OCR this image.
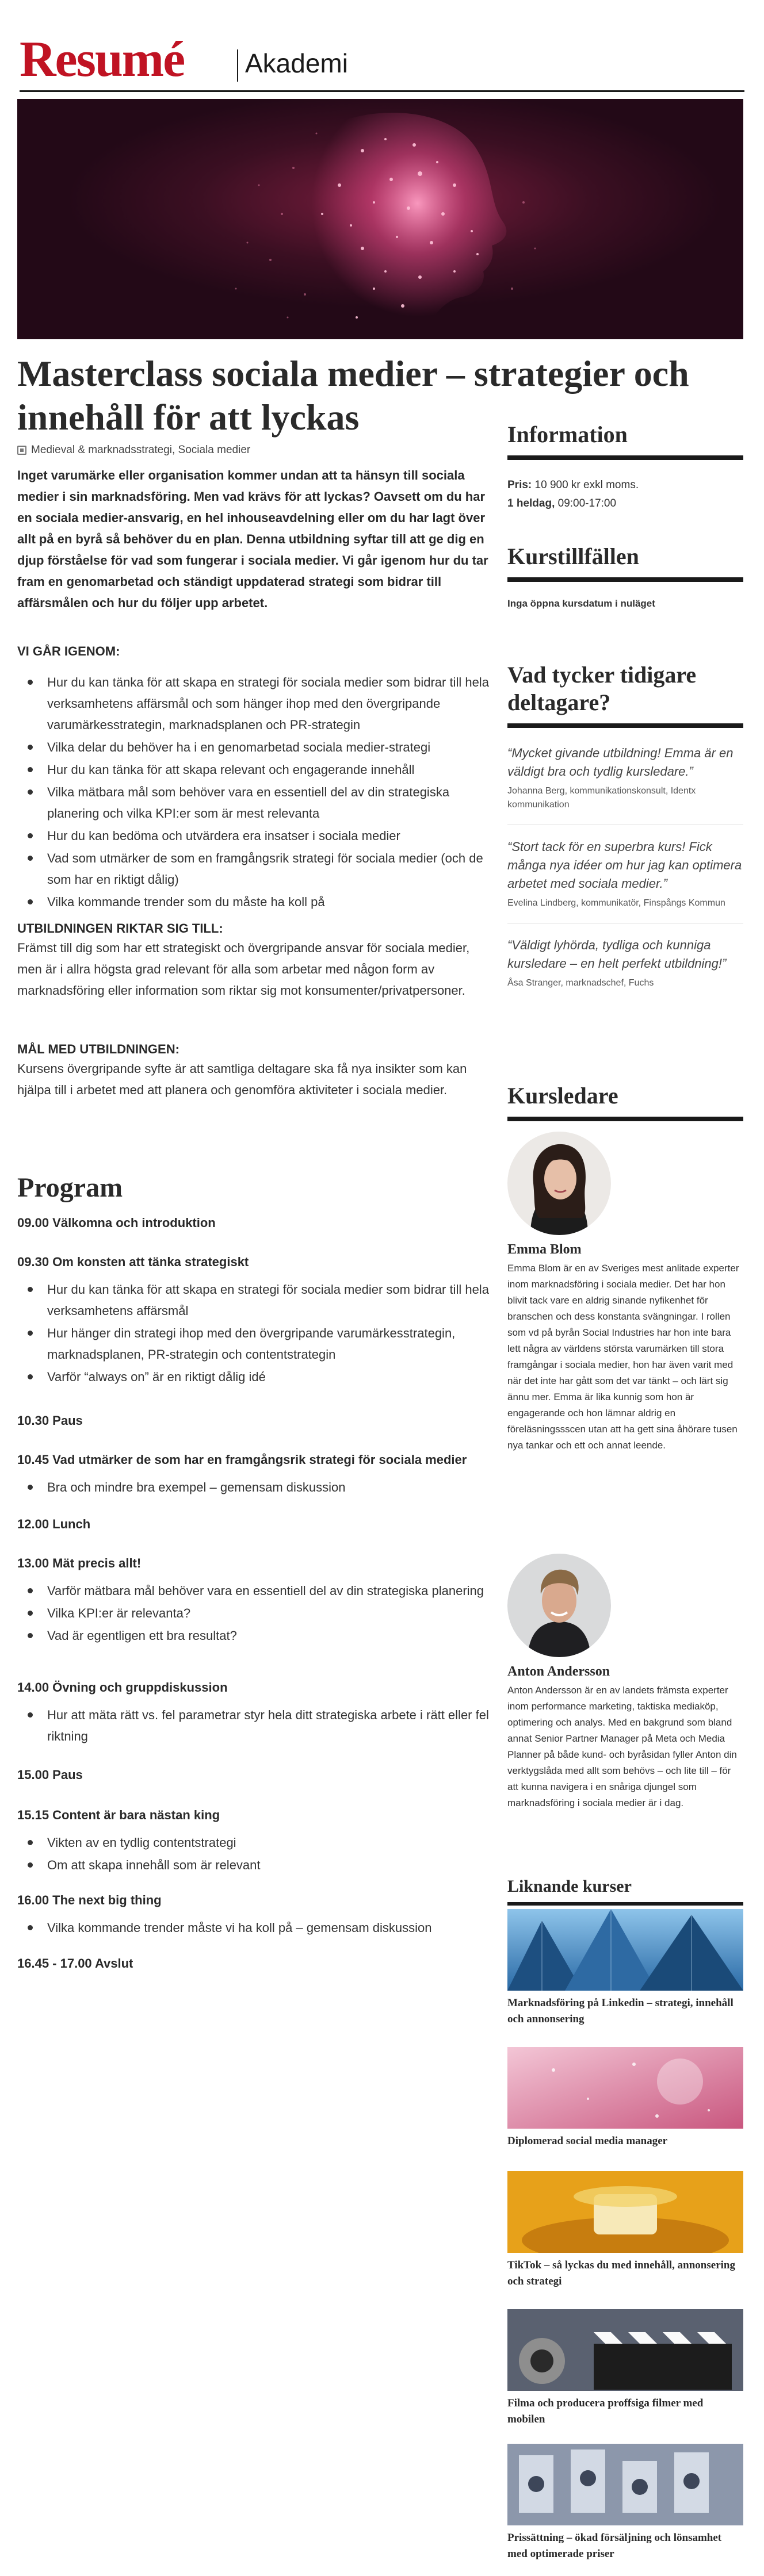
Resumé Akademi
Masterclass sociala medier – strategier och innehåll för att lyckas
Medieval & marknadsstrategi, Sociala medier
Inget varumärke eller organisation kommer undan att ta hänsyn till sociala medier i sin marknadsföring. Men vad krävs för att lyckas? Oavsett om du har en sociala medier-ansvarig, en hel inhouseavdelning eller om du har lagt över allt på en byrå så behöver du en plan. Denna utbildning syftar till att ge dig en djup förståelse för vad som fungerar i sociala medier. Vi går igenom hur du tar fram en genomarbetad och ständigt uppdaterad strategi som bidrar till affärsmålen och hur du följer upp arbetet.
VI GÅR IGENOM:
Hur du kan tänka för att skapa en strategi för sociala medier som bidrar till hela verksamhetens affärsmål och som hänger ihop med den övergripande varumärkesstrategin, marknadsplanen och PR-strategin
Vilka delar du behöver ha i en genomarbetad sociala medier-strategi
Hur du kan tänka för att skapa relevant och engagerande innehåll
Vilka mätbara mål som behöver vara en essentiell del av din strategiska planering och vilka KPI:er som är mest relevanta
Hur du kan bedöma och utvärdera era insatser i sociala medier
Vad som utmärker de som en framgångsrik strategi för sociala medier (och de som har en riktigt dålig)
Vilka kommande trender som du måste ha koll på
UTBILDNINGEN RIKTAR SIG TILL:
Främst till dig som har ett strategiskt och övergripande ansvar för sociala medier, men är i allra högsta grad relevant för alla som arbetar med någon form av marknadsföring eller information som riktar sig mot konsumenter/privatpersoner.
MÅL MED UTBILDNINGEN:
Kursens övergripande syfte är att samtliga deltagare ska få nya insikter som kan hjälpa till i arbetet med att planera och genomföra aktiviteter i sociala medier.
Program
09.00 Välkomna och introduktion
09.30 Om konsten att tänka strategiskt
Hur du kan tänka för att skapa en strategi för sociala medier som bidrar till hela verksamhetens affärsmål
Hur hänger din strategi ihop med den övergripande varumärkesstrategin, marknadsplanen, PR-strategin och contentstrategin
Varför “always on” är en riktigt dålig idé
10.30 Paus
10.45 Vad utmärker de som har en framgångsrik strategi för sociala medier
Bra och mindre bra exempel – gemensam diskussion
12.00 Lunch
13.00 Mät precis allt!
Varför mätbara mål behöver vara en essentiell del av din strategiska planering
Vilka KPI:er är relevanta?
Vad är egentligen ett bra resultat?
14.00 Övning och gruppdiskussion
Hur att mäta rätt vs. fel parametrar styr hela ditt strategiska arbete i rätt eller fel riktning
15.00 Paus
15.15 Content är bara nästan king
Vikten av en tydlig contentstrategi
Om att skapa innehåll som är relevant
16.00 The next big thing
Vilka kommande trender måste vi ha koll på – gemensam diskussion
16.45 - 17.00 Avslut
Information
Pris: 10 900 kr exkl moms.
1 heldag, 09:00-17:00
Kurstillfällen
Inga öppna kursdatum i nuläget
Vad tycker tidigare deltagare?
“Mycket givande utbildning! Emma är en väldigt bra och tydlig kursledare.”
Johanna Berg, kommunikationskonsult, Identx kommunikation
“Stort tack för en superbra kurs! Fick många nya idéer om hur jag kan optimera arbetet med sociala medier.”
Evelina Lindberg, kommunikatör, Finspångs Kommun
“Väldigt lyhörda, tydliga och kunniga kursledare – en helt perfekt utbildning!”
Åsa Stranger, marknadschef, Fuchs
Kursledare
Emma Blom
Emma Blom är en av Sveriges mest anlitade experter inom marknadsföring i sociala medier. Det har hon blivit tack vare en aldrig sinande nyfikenhet för branschen och dess konstanta svängningar. I rollen som vd på byrån Social Industries har hon inte bara lett några av världens största varumärken till stora framgångar i sociala medier, hon har även varit med när det inte har gått som det var tänkt – och lärt sig ännu mer. Emma är lika kunnig som hon är engagerande och hon lämnar aldrig en föreläsningssscen utan att ha gett sina åhörare tusen nya tankar och ett och annat leende.
Anton Andersson
Anton Andersson är en av landets främsta experter inom performance marketing, taktiska mediaköp, optimering och analys. Med en bakgrund som bland annat Senior Partner Manager på Meta och Media Planner på både kund- och byråsidan fyller Anton din verktygslåda med allt som behövs – och lite till – för att kunna navigera i en snåriga djungel som marknadsföring i sociala medier är i dag.
Liknande kurser
Marknadsföring på Linkedin – strategi, innehåll och annonsering
Diplomerad social media manager
TikTok – så lyckas du med innehåll, annonsering och strategi
Filma och producera proffsiga filmer med mobilen
Prissättning – ökad försäljning och lönsamhet med optimerade priser
